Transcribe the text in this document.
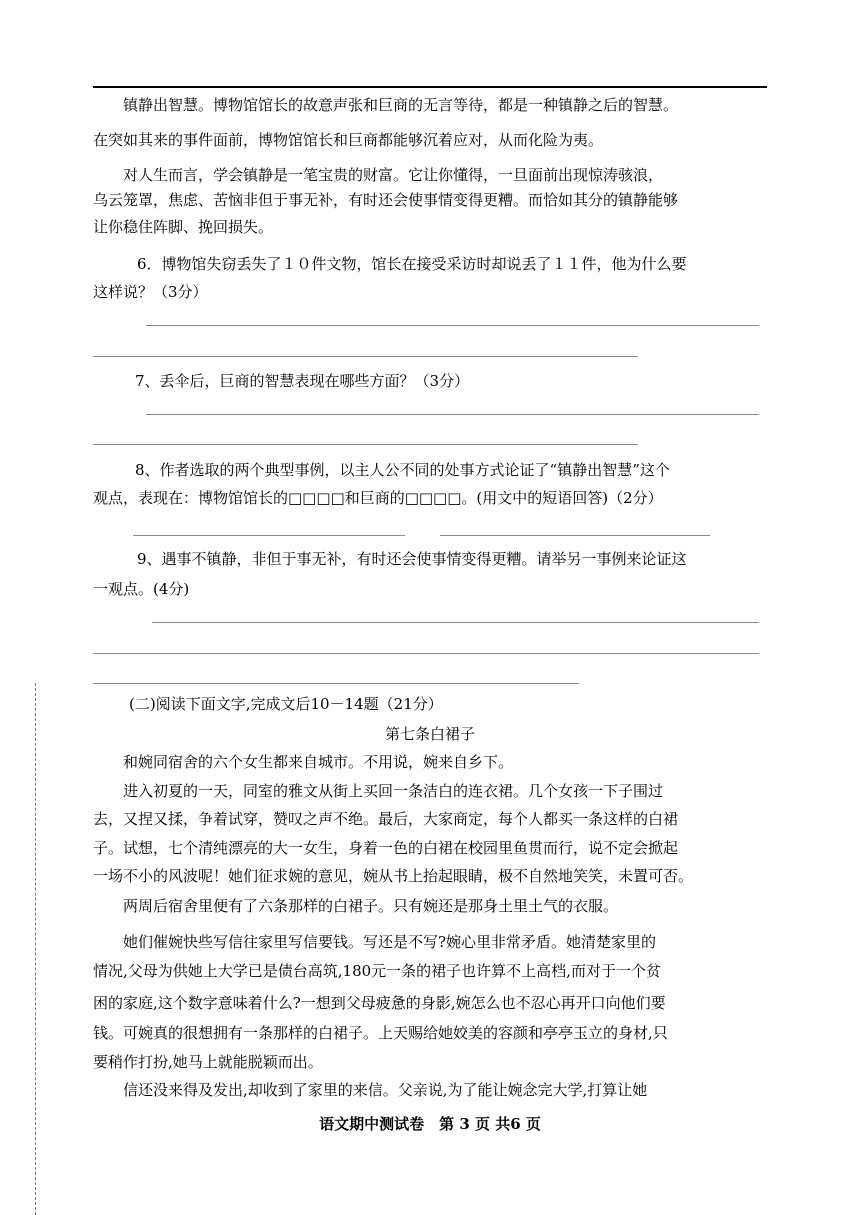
镇静出智慧。博物馆馆长的故意声张和巨商的无言等待，都是一种镇静之后的智慧。

在突如其来的事件面前，博物馆馆长和巨商都能够沉着应对，从而化险为夷。

对人生而言，学会镇静是一笔宝贵的财富。它让你懂得，一旦面前出现惊涛骇浪，

乌云笼罩，焦虑、苦恼非但于事无补，有时还会使事情变得更糟。而恰如其分的镇静能够

让你稳住阵脚、挽回损失。

6．博物馆失窃丢失了１０件文物，馆长在接受采访时却说丢了１１件，他为什么要

这样说？（3分）

7、丢伞后，巨商的智慧表现在哪些方面？（3分）

8、作者选取的两个典型事例，以主人公不同的处事方式论证了“镇静出智慧”这个

观点，表现在：博物馆馆长的□□□□和巨商的□□□□。(用文中的短语回答)（2分）

9、遇事不镇静，非但于事无补，有时还会使事情变得更糟。请举另一事例来论证这

一观点。(4分)

(二)阅读下面文字,完成文后10－14题（21分）

第七条白裙子

和婉同宿舍的六个女生都来自城市。不用说，婉来自乡下。

进入初夏的一天，同室的雅文从街上买回一条洁白的连衣裙。几个女孩一下子围过

去，又捏又揉，争着试穿，赞叹之声不绝。最后，大家商定，每个人都买一条这样的白裙

子。试想，七个清纯漂亮的大一女生，身着一色的白裙在校园里鱼贯而行，说不定会掀起

一场不小的风波呢！她们征求婉的意见，婉从书上抬起眼睛，极不自然地笑笑，未置可否。

两周后宿舍里便有了六条那样的白裙子。只有婉还是那身土里土气的衣服。

她们催婉快些写信往家里写信要钱。写还是不写?婉心里非常矛盾。她清楚家里的

情况,父母为供她上大学已是债台高筑,180元一条的裙子也许算不上高档,而对于一个贫

困的家庭,这个数字意味着什么?一想到父母疲惫的身影,婉怎么也不忍心再开口向他们要

钱。可婉真的很想拥有一条那样的白裙子。上天赐给她姣美的容颜和亭亭玉立的身材,只

要稍作打扮,她马上就能脱颖而出。

信还没来得及发出,却收到了家里的来信。父亲说,为了能让婉念完大学,打算让她

语文期中测试卷　第 3 页 共6 页
